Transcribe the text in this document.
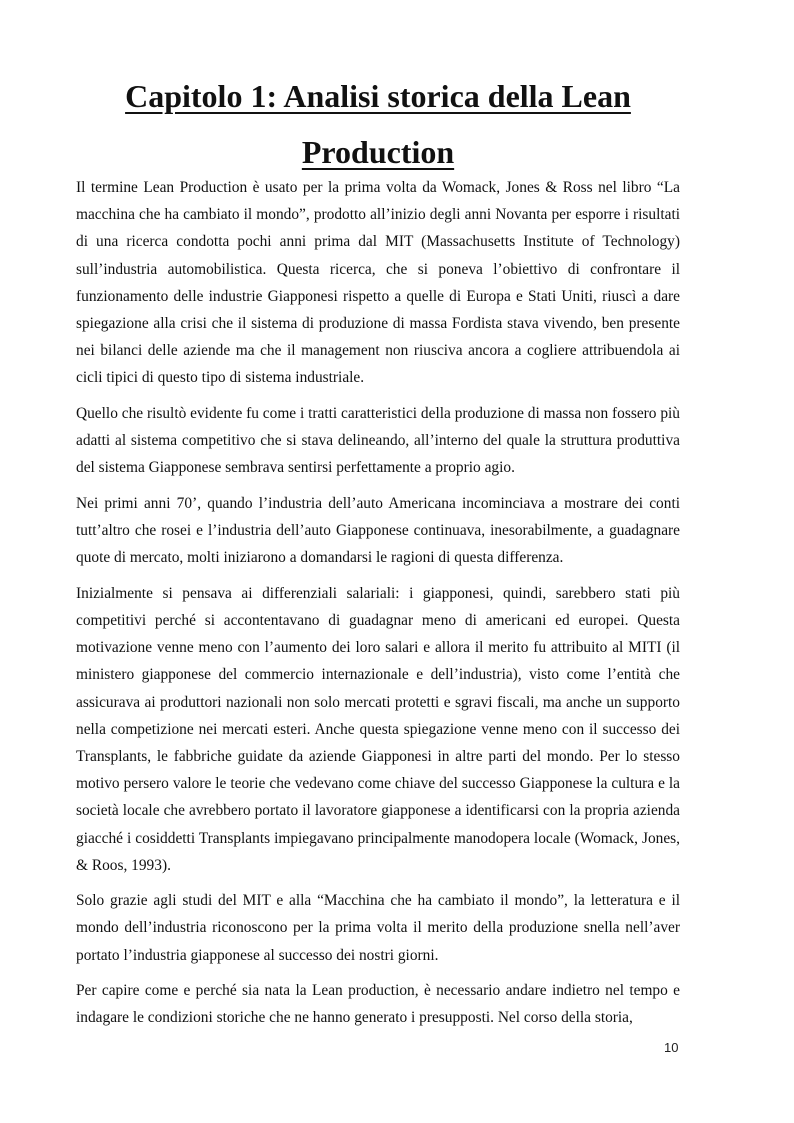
Capitolo 1: Analisi storica della Lean
Production

Il termine Lean Production è usato per la prima volta da Womack, Jones & Ross nel libro “La macchina che ha cambiato il mondo”, prodotto all’inizio degli anni Novanta per esporre i risultati di una ricerca condotta pochi anni prima dal MIT (Massachusetts Institute of Technology) sull’industria automobilistica. Questa ricerca, che si poneva l’obiettivo di confrontare il funzionamento delle industrie Giapponesi rispetto a quelle di Europa e Stati Uniti, riuscì a dare spiegazione alla crisi che il sistema di produzione di massa Fordista stava vivendo, ben presente nei bilanci delle aziende ma che il management non riusciva ancora a cogliere attribuendola ai cicli tipici di questo tipo di sistema industriale.

Quello che risultò evidente fu come i tratti caratteristici della produzione di massa non fossero più adatti al sistema competitivo che si stava delineando, all’interno del quale la struttura produttiva del sistema Giapponese sembrava sentirsi perfettamente a proprio agio.

Nei primi anni 70’, quando l’industria dell’auto Americana incominciava a mostrare dei conti tutt’altro che rosei e l’industria dell’auto Giapponese continuava, inesorabilmente, a guadagnare quote di mercato, molti iniziarono a domandarsi le ragioni di questa differenza.

Inizialmente si pensava ai differenziali salariali: i giapponesi, quindi, sarebbero stati più competitivi perché si accontentavano di guadagnar meno di americani ed europei. Questa motivazione venne meno con l’aumento dei loro salari e allora il merito fu attribuito al MITI (il ministero giapponese del commercio internazionale e dell’industria), visto come l’entità che assicurava ai produttori nazionali non solo mercati protetti e sgravi fiscali, ma anche un supporto nella competizione nei mercati esteri. Anche questa spiegazione venne meno con il successo dei Transplants, le fabbriche guidate da aziende Giapponesi in altre parti del mondo. Per lo stesso motivo persero valore le teorie che vedevano come chiave del successo Giapponese la cultura e la società locale che avrebbero portato il lavoratore giapponese a identificarsi con la propria azienda giacché i cosiddetti Transplants impiegavano principalmente manodopera locale (Womack, Jones, & Roos, 1993).

Solo grazie agli studi del MIT e alla “Macchina che ha cambiato il mondo”, la letteratura e il mondo dell’industria riconoscono per la prima volta il merito della produzione snella nell’aver portato l’industria giapponese al successo dei nostri giorni.

Per capire come e perché sia nata la Lean production, è necessario andare indietro nel tempo e indagare le condizioni storiche che ne hanno generato i presupposti. Nel corso della storia,

10
